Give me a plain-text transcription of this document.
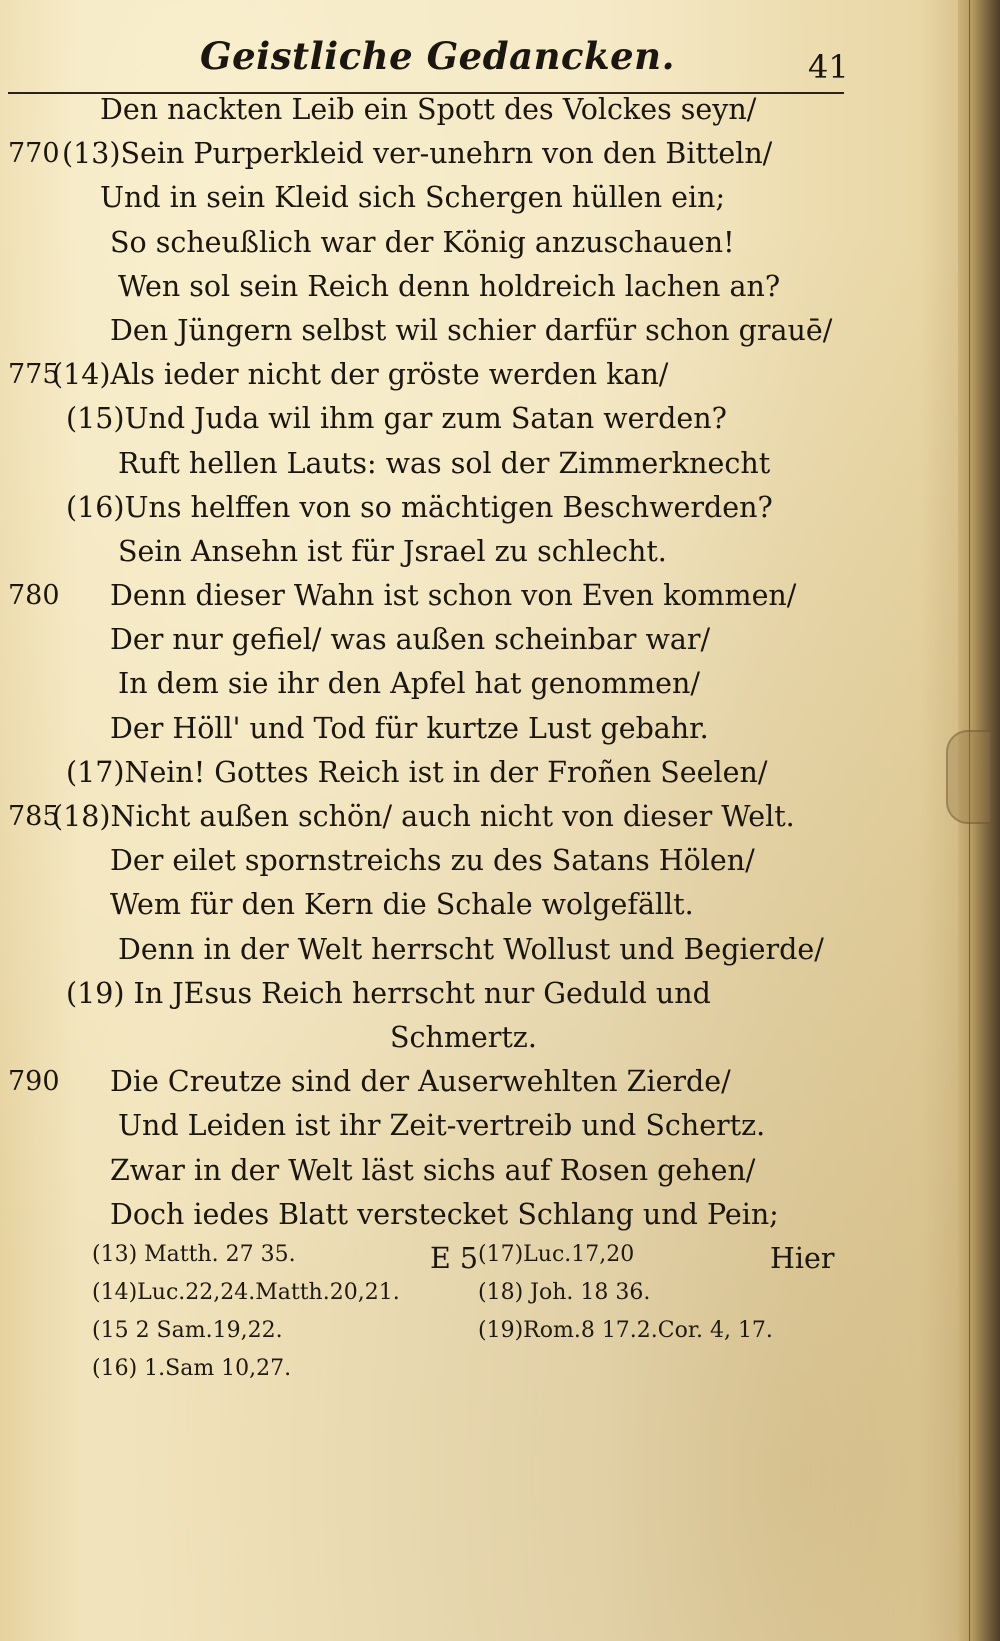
Geistliche Gedancken.	41
Den nackten Leib ein Spott des Volckes seyn/
770 (13)Sein Purperkleid ver-unehrn von den Bitteln/
Und in sein Kleid sich Schergen hüllen ein;
So scheußlich war der König anzuschauen!
Wen sol sein Reich denn holdreich lachen an?
Den Jüngern selbst wil schier darfür schon grauē/
775
(14)Als ieder nicht der gröste werden kan/
(15)Und Juda wil ihm gar zum Satan werden?
Ruft hellen Lauts: was sol der Zimmerknecht
(16)Uns helffen von so mächtigen Beschwerden?
Sein Ansehn ist für Jsrael zu schlecht.
780 Denn dieser Wahn ist schon von Even kommen/
Der nur gefiel/ was außen scheinbar war/
In dem sie ihr den Apfel hat genommen/
Der Höll' und Tod für kurtze Lust gebahr.
(17)Nein! Gottes Reich ist in der Froñen Seelen/
785
(18)Nicht außen schön/ auch nicht von dieser Welt.
Der eilet spornstreichs zu des Satans Hölen/
Wem für den Kern die Schale wolgefällt.
Denn in der Welt herrscht Wollust und Begierde/
(19) In JEsus Reich herrscht nur Geduld und
Schmertz.
790 Die Creutze sind der Auserwehlten Zierde/
Und Leiden ist ihr Zeit-vertreib und Schertz.
Zwar in der Welt läst sichs auf Rosen gehen/
Doch iedes Blatt verstecket Schlang und Pein;
E 5	Hier
(13) Matth. 27 35.
(14)Luc.22,24.Matth.20,21.
(15 2 Sam.19,22.
(16) 1.Sam 10,27.
(17)Luc.17,20
(18) Joh. 18 36.
(19)Rom.8 17.2.Cor. 4, 17.
